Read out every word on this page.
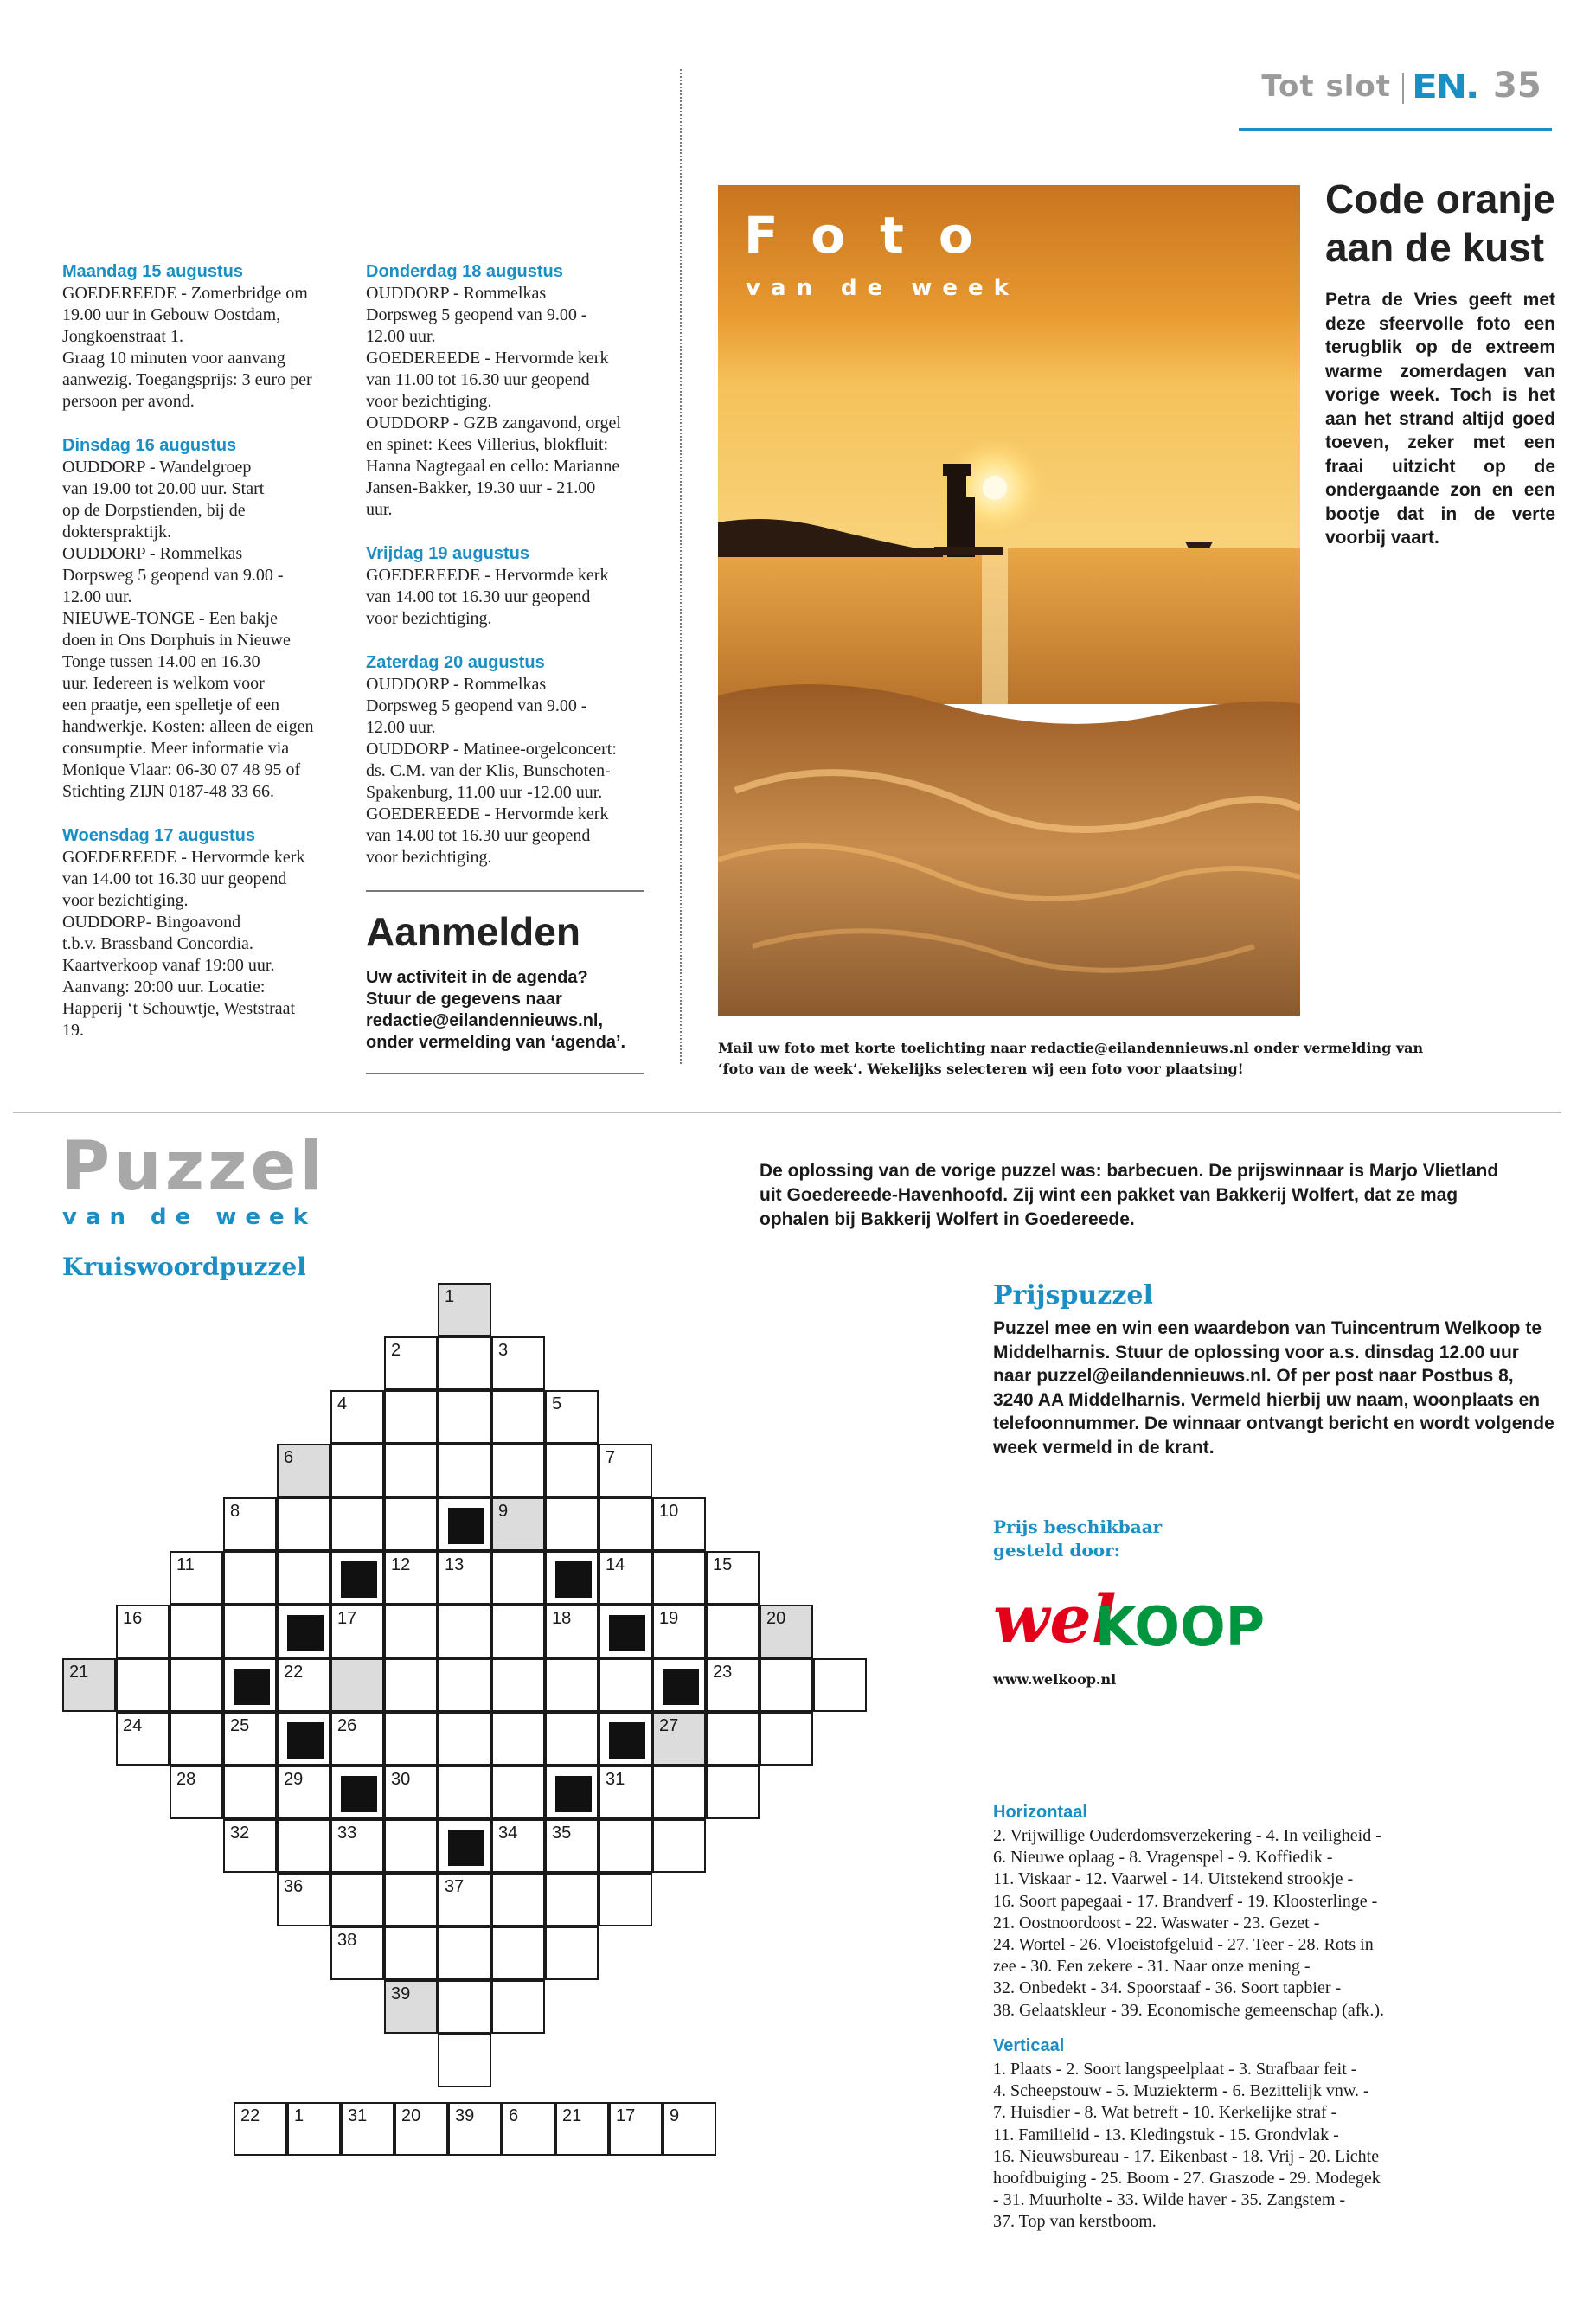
Tot slot EN. 35
Maandag 15 augustus
GOEDEREEDE - Zomerbridge om
19.00 uur in Gebouw Oostdam,
Jongkoenstraat 1.
Graag 10 minuten voor aanvang
aanwezig. Toegangsprijs: 3 euro per
persoon per avond.
Dinsdag 16 augustus
OUDDORP - Wandelgroep
van 19.00 tot 20.00 uur. Start
op de Dorpstienden, bij de
dokterspraktijk.
OUDDORP - Rommelkas
Dorpsweg 5 geopend van 9.00 -
12.00 uur.
NIEUWE-TONGE - Een bakje
doen in Ons Dorphuis in Nieuwe
Tonge tussen 14.00 en 16.30
uur. Iedereen is welkom voor
een praatje, een spelletje of een
handwerkje. Kosten: alleen de eigen
consumptie. Meer informatie via
Monique Vlaar: 06-30 07 48 95 of
Stichting ZIJN 0187-48 33 66.
Woensdag 17 augustus
GOEDEREEDE - Hervormde kerk
van 14.00 tot 16.30 uur geopend
voor bezichtiging.
OUDDORP- Bingoavond
t.b.v. Brassband Concordia.
Kaartverkoop vanaf 19:00 uur.
Aanvang: 20:00 uur. Locatie:
Happerij ‘t Schouwtje, Weststraat
19.
Donderdag 18 augustus
OUDDORP - Rommelkas
Dorpsweg 5 geopend van 9.00 -
12.00 uur.
GOEDEREEDE - Hervormde kerk
van 11.00 tot 16.30 uur geopend
voor bezichtiging.
OUDDORP - GZB zangavond, orgel
en spinet: Kees Villerius, blokfluit:
Hanna Nagtegaal en cello: Marianne
Jansen-Bakker, 19.30 uur - 21.00
uur.
Vrijdag 19 augustus
GOEDEREEDE - Hervormde kerk
van 14.00 tot 16.30 uur geopend
voor bezichtiging.
Zaterdag 20 augustus
OUDDORP - Rommelkas
Dorpsweg 5 geopend van 9.00 -
12.00 uur.
OUDDORP - Matinee-orgelconcert:
ds. C.M. van der Klis, Bunschoten-
Spakenburg, 11.00 uur -12.00 uur.
GOEDEREEDE - Hervormde kerk
van 14.00 tot 16.30 uur geopend
voor bezichtiging.
Aanmelden
Uw activiteit in de agenda?
Stuur de gegevens naar
redactie@eilandennieuws.nl,
onder vermelding van ‘agenda’.
Foto
van de week
Mail uw foto met korte toelichting naar redactie@eilandennieuws.nl onder vermelding van
‘foto van de week’. Wekelijks selecteren wij een foto voor plaatsing!
Code oranje
aan de kust
Petra de Vries geeft met deze sfeervolle foto een terugblik op de extreem warme zomerdagen van vorige week. Toch is het aan het strand altijd goed toeven, zeker met een fraai uitzicht op de ondergaande zon en een bootje dat in de verte voorbij vaart.
Puzzel
van de week
Kruiswoordpuzzel
De oplossing van de vorige puzzel was: barbecuen. De prijswinnaar is Marjo Vlietland
uit Goedereede-Havenhoofd. Zij wint een pakket van Bakkerij Wolfert, dat ze mag
ophalen bij Bakkerij Wolfert in Goedereede.
1
2	3
4	5
6	7
8	9	10
11	12 13	14	15
16	17	18	19	20
21	22	23
24	25	26	27
28	29	30	31
32	33	34 35
36	37
38
39
22 1	31 20 39 6	21 17 9
Prijspuzzel
Puzzel mee en win een waardebon van Tuincentrum Welkoop te Middelharnis. Stuur de oplossing voor a.s. dinsdag 12.00 uur naar puzzel@eilandennieuws.nl. Of per post naar Postbus 8, 3240 AA Middelharnis. Vermeld hierbij uw naam, woonplaats en telefoonnummer. De winnaar ontvangt bericht en wordt volgende week vermeld in de krant.
Prijs beschikbaar
gesteld door:
wel
KOOP
www.welkoop.nl
Horizontaal
2. Vrijwillige Ouderdomsverzekering - 4. In veiligheid -
6. Nieuwe oplaag - 8. Vragenspel - 9. Koffiedik -
11. Viskaar - 12. Vaarwel - 14. Uitstekend strookje -
16. Soort papegaai - 17. Brandverf - 19. Kloosterlinge -
21. Oostnoordoost - 22. Waswater - 23. Gezet -
24. Wortel - 26. Vloeistofgeluid - 27. Teer - 28. Rots in
zee - 30. Een zekere - 31. Naar onze mening -
32. Onbedekt - 34. Spoorstaaf - 36. Soort tapbier -
38. Gelaatskleur - 39. Economische gemeenschap (afk.).
Verticaal
1. Plaats - 2. Soort langspeelplaat - 3. Strafbaar feit -
4. Scheepstouw - 5. Muziekterm - 6. Bezittelijk vnw. -
7. Huisdier - 8. Wat betreft - 10. Kerkelijke straf -
11. Familielid - 13. Kledingstuk - 15. Grondvlak -
16. Nieuwsbureau - 17. Eikenbast - 18. Vrij - 20. Lichte
hoofdbuiging - 25. Boom - 27. Graszode - 29. Modegek
- 31. Muurholte - 33. Wilde haver - 35. Zangstem -
37. Top van kerstboom.
